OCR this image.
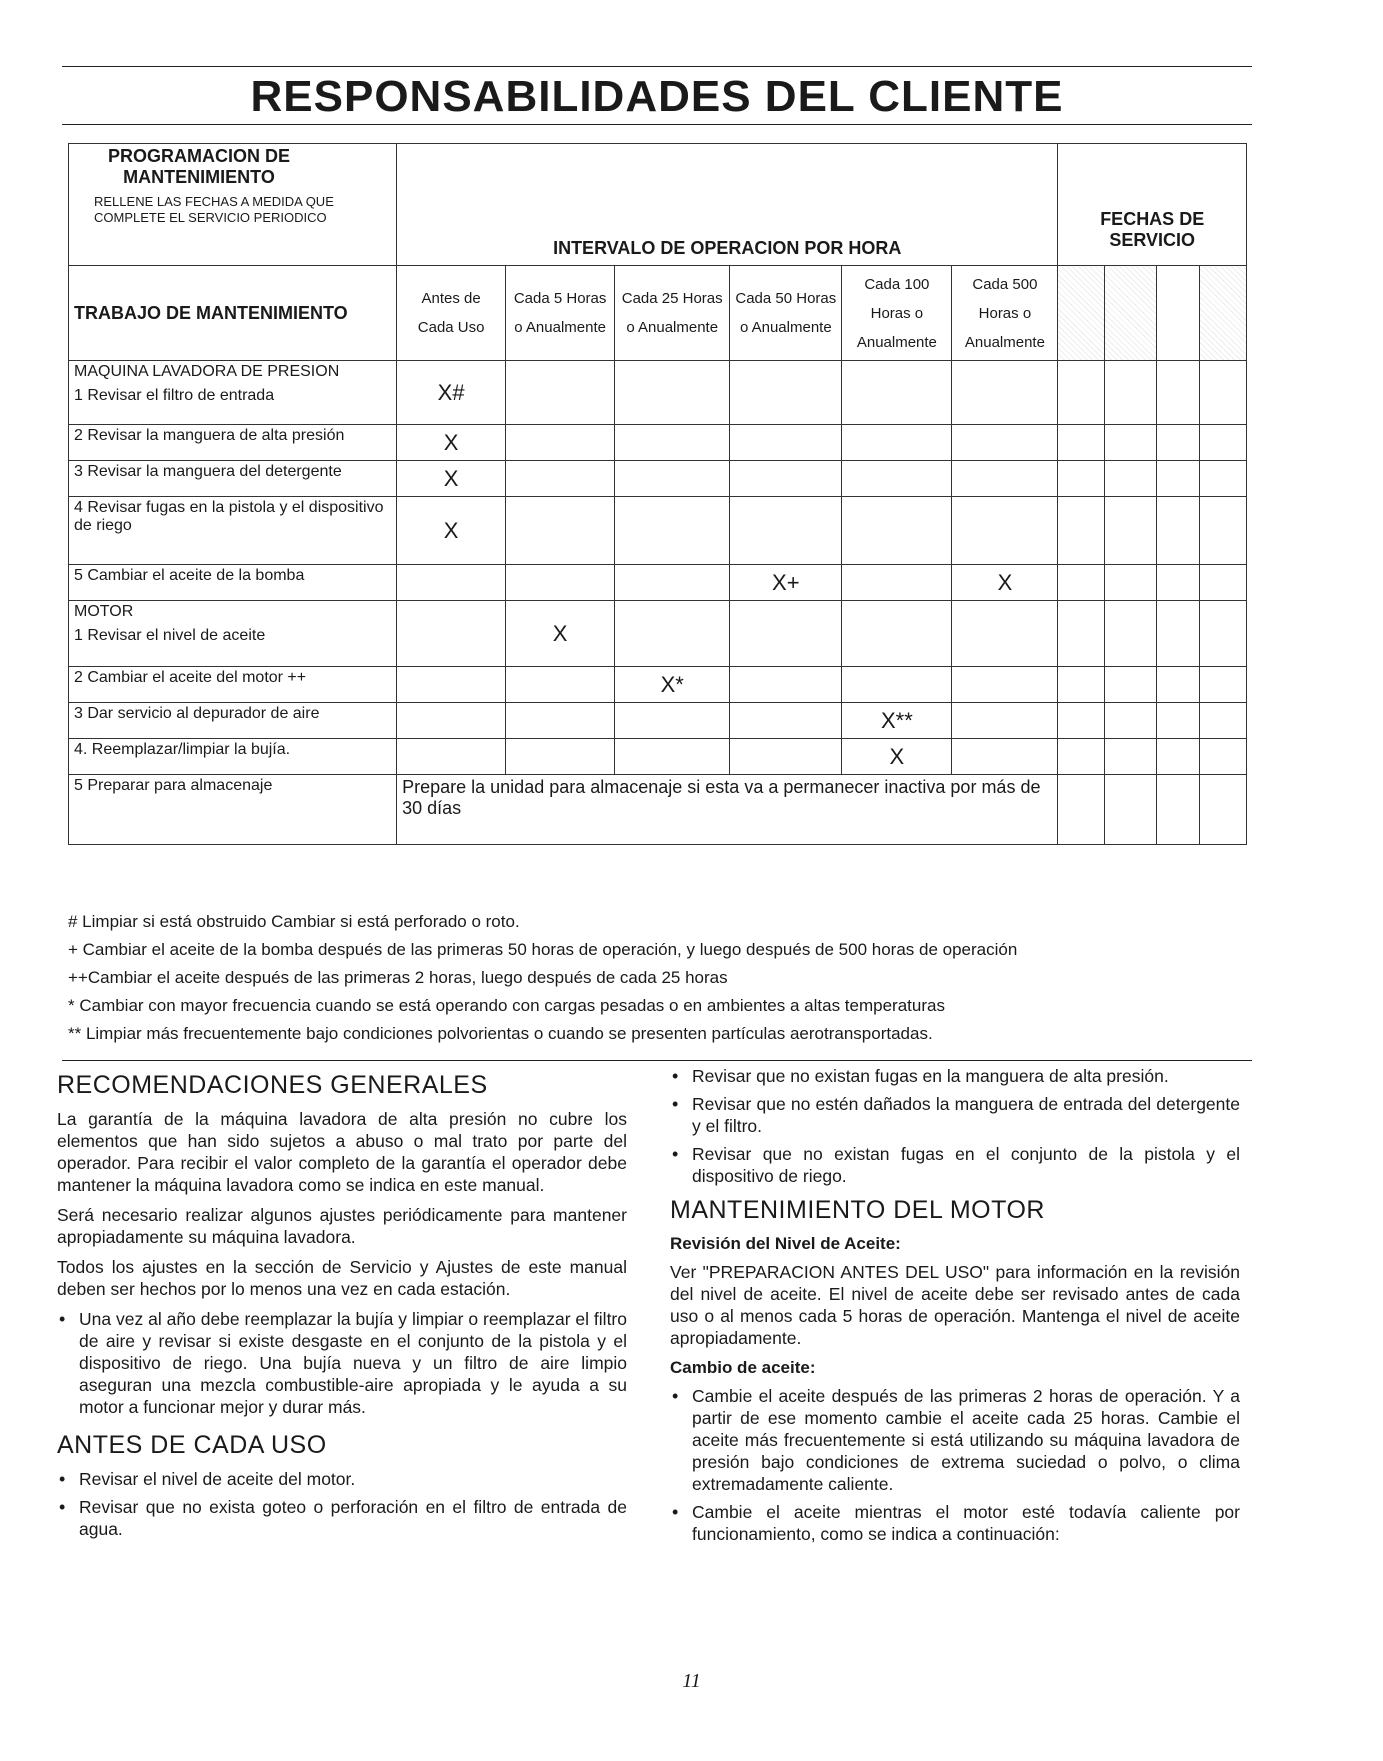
RESPONSABILIDADES DEL CLIENTE
PROGRAMACION DE MANTENIMIENTO
RELLENE LAS FECHAS A MEDIDA QUE COMPLETE EL SERVICIO PERIODICO	INTERVALO DE OPERACION POR HORA						FECHAS DE SERVICIO			
TRABAJO DE MANTENIMIENTO	Antes de Cada Uso	Cada 5 Horas o Anualmente	Cada 25 Horas o Anualmente	Cada 50 Horas o Anualmente	Cada 100 Horas o Anualmente	Cada 500 Horas o Anualmente				

MAQUINA LAVADORA DE PRESION
1 Revisar el filtro de entrada	X#									
2 Revisar la manguera de alta presión	X									
3 Revisar la manguera del detergente	X									
4 Revisar fugas en la pistola y el dispositivo de riego	X									
5 Cambiar el aceite de la bomba				X+		X				

MOTOR
1 Revisar el nivel de aceite		X								
2 Cambiar el aceite del motor ++			X*							
3 Dar servicio al depurador de aire					X**					
4. Reemplazar/limpiar la bujía.					X					
5 Preparar para almacenaje	Prepare la unidad para almacenaje si esta va a permanecer inactiva por más de 30 días									
# Limpiar si está obstruido Cambiar si está perforado o roto.
+ Cambiar el aceite de la bomba después de las primeras 50 horas de operación, y luego después de 500 horas de operación
++Cambiar el aceite después de las primeras 2 horas, luego después de cada 25 horas
* Cambiar con mayor frecuencia cuando se está operando con cargas pesadas o en ambientes a altas temperaturas
** Limpiar más frecuentemente bajo condiciones polvorientas o cuando se presenten partículas aerotransportadas.
RECOMENDACIONES GENERALES

La garantía de la máquina lavadora de alta presión no cubre los elementos que han sido sujetos a abuso o mal trato por parte del operador. Para recibir el valor completo de la garantía el operador debe mantener la máquina lavadora como se indica en este manual.

Será necesario realizar algunos ajustes periódicamente para mantener apropiadamente su máquina lavadora.

Todos los ajustes en la sección de Servicio y Ajustes de este manual deben ser hechos por lo menos una vez en cada estación.

• Una vez al año debe reemplazar la bujía y limpiar o reemplazar el filtro de aire y revisar si existe desgaste en el conjunto de la pistola y el dispositivo de riego. Una bujía nueva y un filtro de aire limpio aseguran una mezcla combustible-aire apropiada y le ayuda a su motor a funcionar mejor y durar más.
ANTES DE CADA USO
• Revisar el nivel de aceite del motor.
• Revisar que no exista goteo o perforación en el filtro de entrada de agua.
• Revisar que no existan fugas en la manguera de alta presión.
• Revisar que no estén dañados la manguera de entrada del detergente y el filtro.
• Revisar que no existan fugas en el conjunto de la pistola y el dispositivo de riego.
MANTENIMIENTO DEL MOTOR
Revisión del Nivel de Aceite:

Ver "PREPARACION ANTES DEL USO" para información en la revisión del nivel de aceite. El nivel de aceite debe ser revisado antes de cada uso o al menos cada 5 horas de operación. Mantenga el nivel de aceite apropiadamente.

Cambio de aceite:
• Cambie el aceite después de las primeras 2 horas de operación. Y a partir de ese momento cambie el aceite cada 25 horas. Cambie el aceite más frecuentemente si está utilizando su máquina lavadora de presión bajo condiciones de extrema suciedad o polvo, o clima extremadamente caliente.
• Cambie el aceite mientras el motor esté todavía caliente por funcionamiento, como se indica a continuación:
11
